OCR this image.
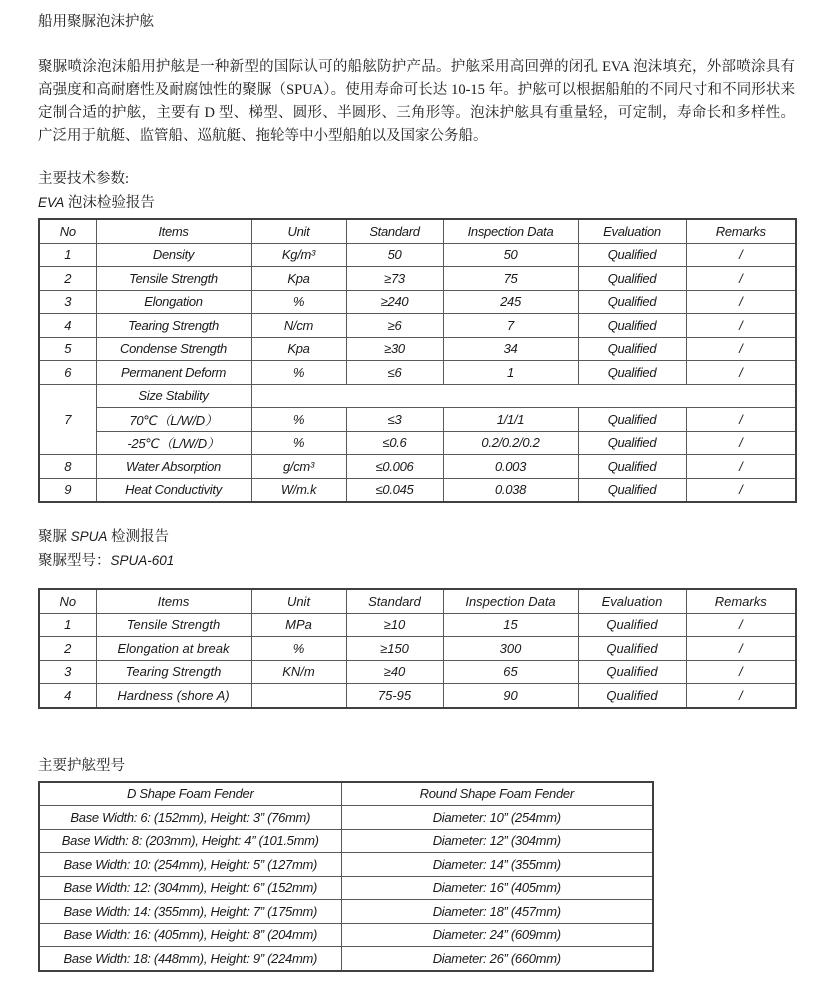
船用聚脲泡沫护舷

聚脲喷涂泡沫船用护舷是一种新型的国际认可的船舷防护产品。护舷采用高回弹的闭孔 EVA 泡沫填充，外部喷涂具有高强度和高耐磨性及耐腐蚀性的聚脲（SPUA）。使用寿命可长达 10-15 年。护舷可以根据船舶的不同尺寸和不同形状来定制合适的护舷，主要有 D 型、梯型、圆形、半圆形、三角形等。泡沫护舷具有重量轻，可定制，寿命长和多样性。广泛用于航艇、监管船、巡航艇、拖轮等中小型船舶以及国家公务船。

主要技术参数:

EVA 泡沫检验报告

No	Items	Unit	Standard	Inspection Data	Evaluation	Remarks
1	Density	Kg/m³	50	50	Qualified	/
2	Tensile Strength	Kpa	≥73	75	Qualified	/
3	Elongation	%	≥240	245	Qualified	/
4	Tearing Strength	N/cm	≥6	7	Qualified	/
5	Condense Strength	Kpa	≥30	34	Qualified	/
6	Permanent Deform	%	≤6	1	Qualified	/
7	Size Stability					
	70℃（L/W/D）	%	≤3	1/1/1	Qualified	/
	-25℃（L/W/D）	%	≤0.6	0.2/0.2/0.2	Qualified	/
8	Water Absorption	g/cm³	≤0.006	0.003	Qualified	/
9	Heat Conductivity	W/m.k	≤0.045	0.038	Qualified	/

聚脲 SPUA 检测报告

聚脲型号：SPUA-601

No	Items	Unit	Standard	Inspection Data	Evaluation	Remarks
1	Tensile Strength	MPa	≥10	15	Qualified	/
2	Elongation at break	%	≥150	300	Qualified	/
3	Tearing Strength	KN/m	≥40	65	Qualified	/
4	Hardness (shore A)		75-95	90	Qualified	/

主要护舷型号

D Shape Foam Fender	Round Shape Foam Fender
Base Width: 6: (152mm), Height: 3” (76mm)	Diameter: 10” (254mm)
Base Width: 8: (203mm), Height: 4” (101.5mm)	Diameter: 12” (304mm)
Base Width: 10: (254mm), Height: 5” (127mm)	Diameter: 14” (355mm)
Base Width: 12: (304mm), Height: 6” (152mm)	Diameter: 16” (405mm)
Base Width: 14: (355mm), Height: 7” (175mm)	Diameter: 18” (457mm)
Base Width: 16: (405mm), Height: 8” (204mm)	Diameter: 24” (609mm)
Base Width: 18: (448mm), Height: 9” (224mm)	Diameter: 26” (660mm)
